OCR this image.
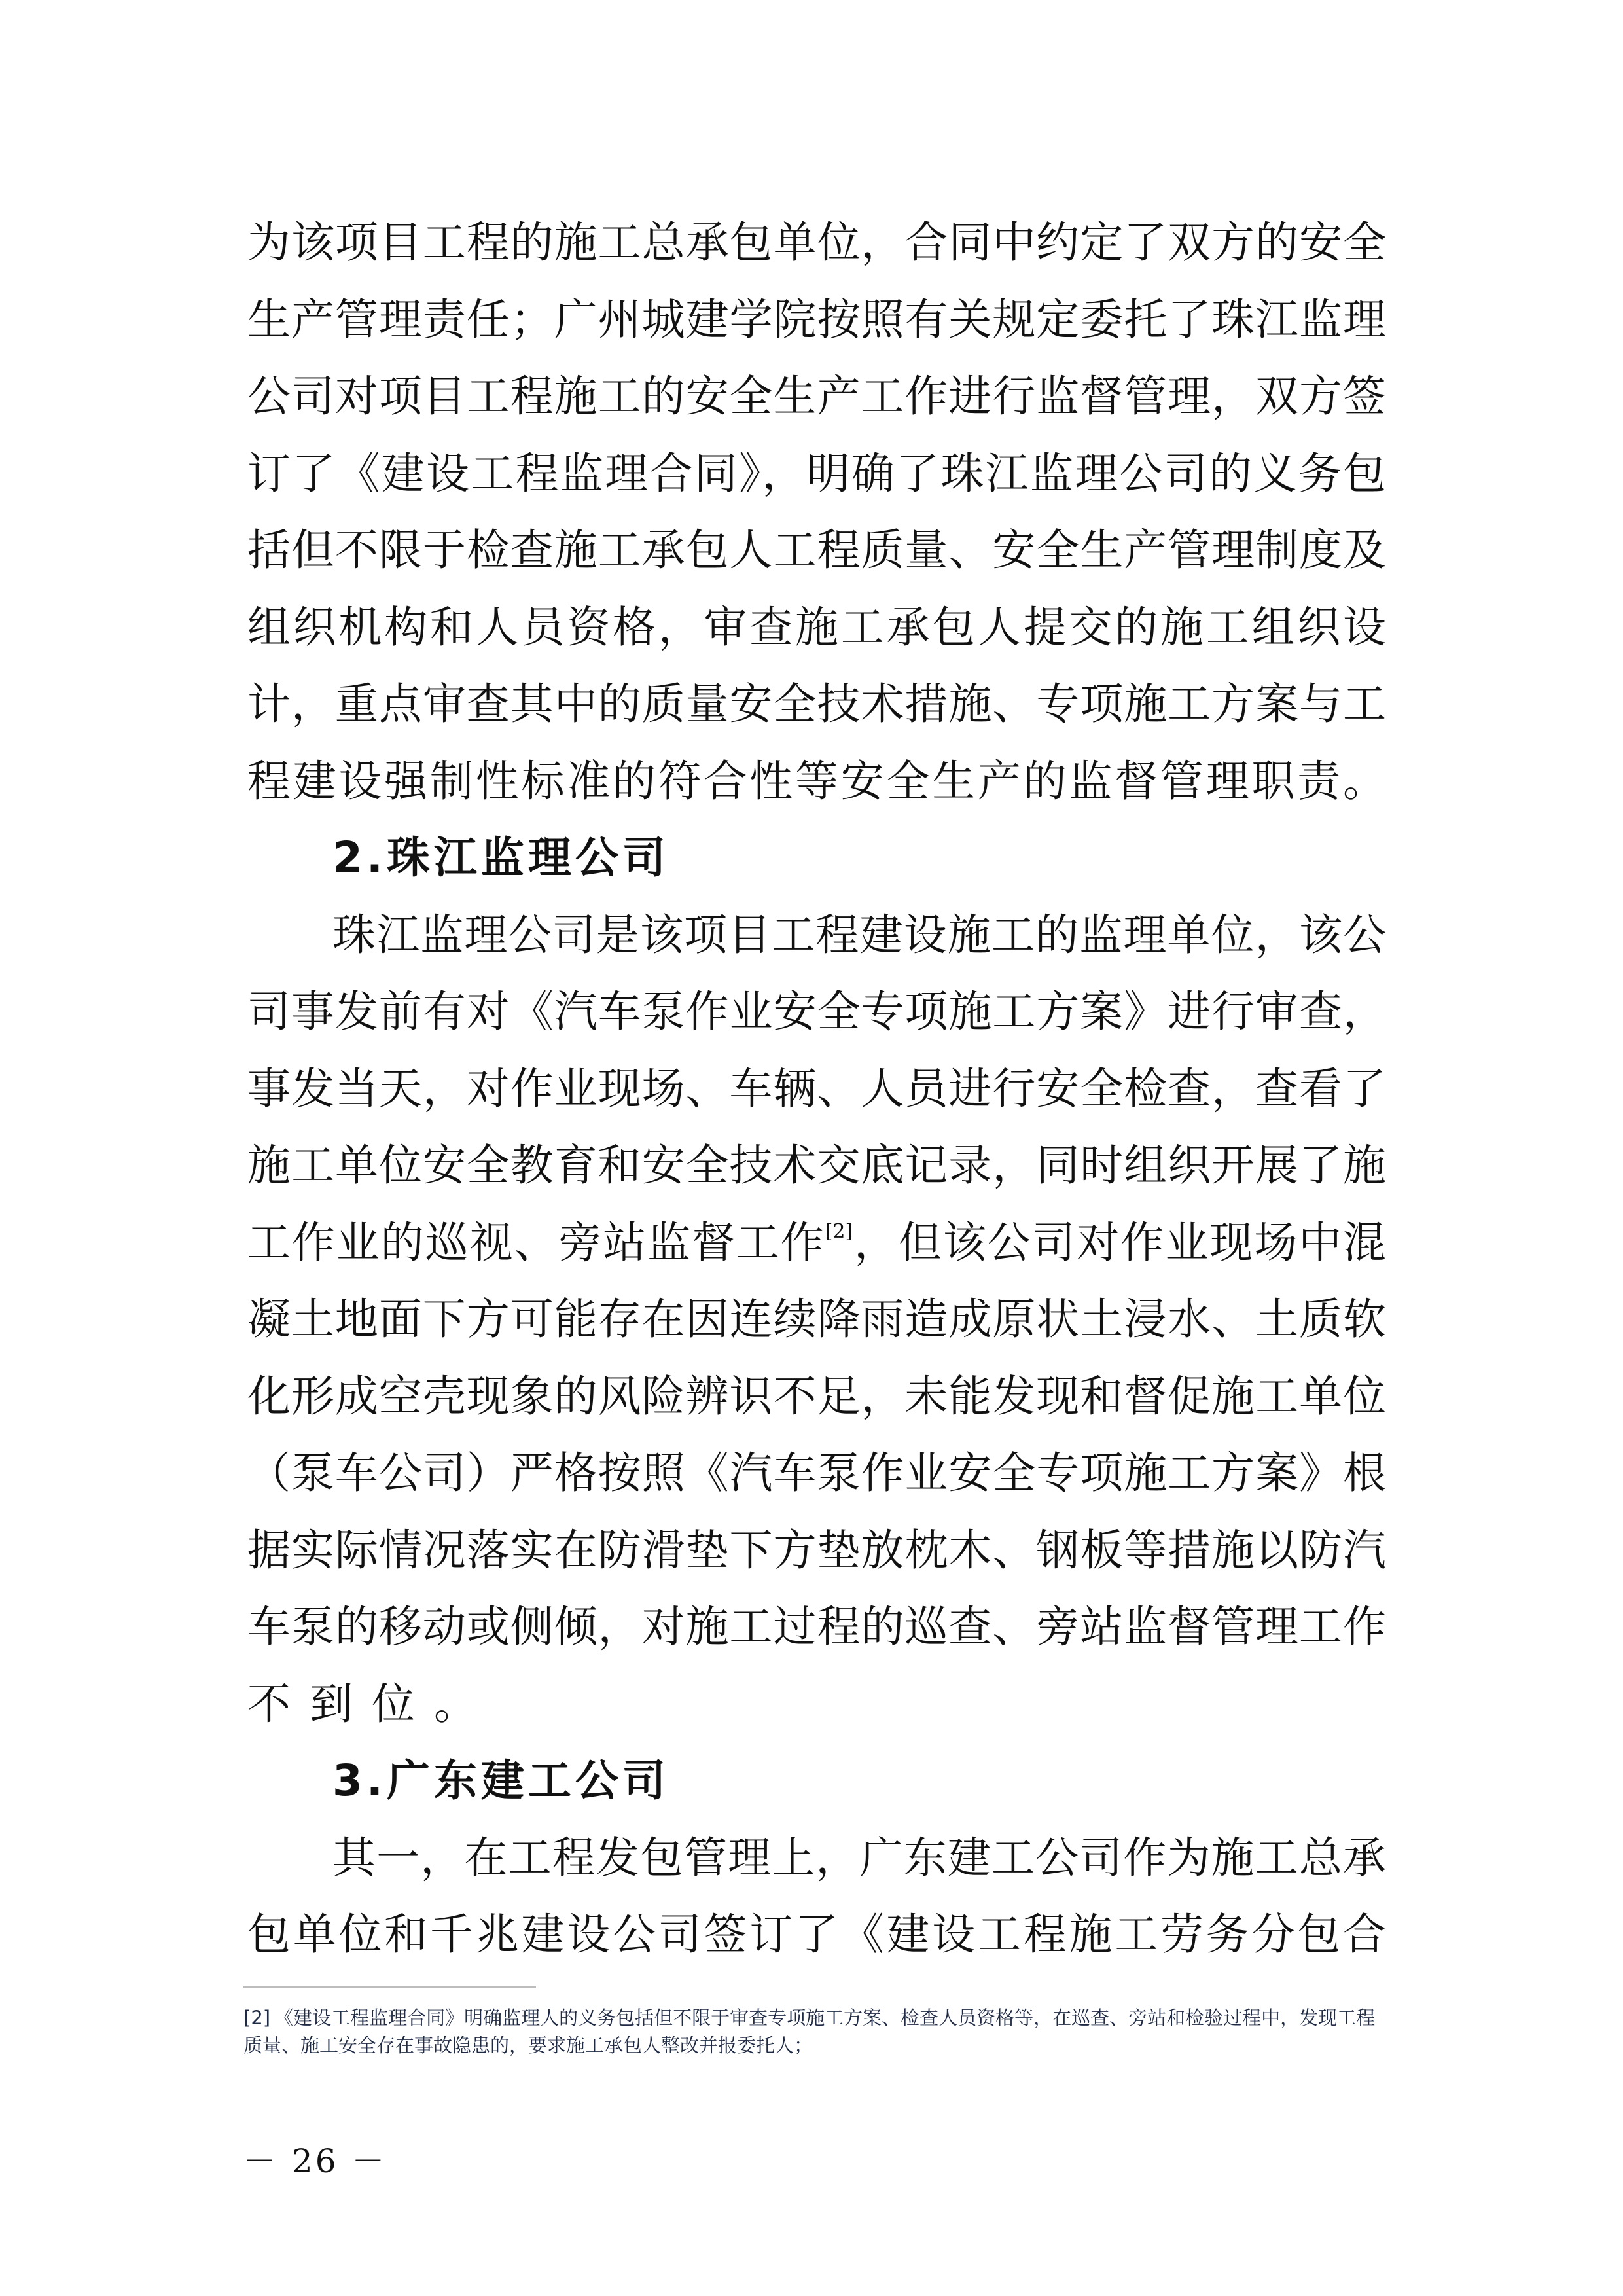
为该项目工程的施工总承包单位，合同中约定了双方的安全
生产管理责任；广州城建学院按照有关规定委托了珠江监理
公司对项目工程施工的安全生产工作进行监督管理，双方签
订了《建设工程监理合同》，明确了珠江监理公司的义务包
括但不限于检查施工承包人工程质量、安全生产管理制度及
组织机构和人员资格，审查施工承包人提交的施工组织设
计，重点审查其中的质量安全技术措施、专项施工方案与工
程建设强制性标准的符合性等安全生产的监督管理职责。
2.珠江监理公司
珠江监理公司是该项目工程建设施工的监理单位，该公
司事发前有对《汽车泵作业安全专项施工方案》进行审查，
事发当天，对作业现场、车辆、人员进行安全检查，查看了
施工单位安全教育和安全技术交底记录，同时组织开展了施
工作业的巡视、旁站监督工作[2]，但该公司对作业现场中混
凝土地面下方可能存在因连续降雨造成原状土浸水、土质软
化形成空壳现象的风险辨识不足，未能发现和督促施工单位
（泵车公司）严格按照《汽车泵作业安全专项施工方案》根
据实际情况落实在防滑垫下方垫放枕木、钢板等措施以防汽
车泵的移动或侧倾，对施工过程的巡查、旁站监督管理工作
不到位。
3.广东建工公司
其一，在工程发包管理上，广东建工公司作为施工总承
包单位和千兆建设公司签订了《建设工程施工劳务分包合
[2] 《建设工程监理合同》明确监理人的义务包括但不限于审查专项施工方案、检查人员资格等，在巡查、旁站和检验过程中，发现工程质量、施工安全存在事故隐患的，要求施工承包人整改并报委托人；
－ 26 －
